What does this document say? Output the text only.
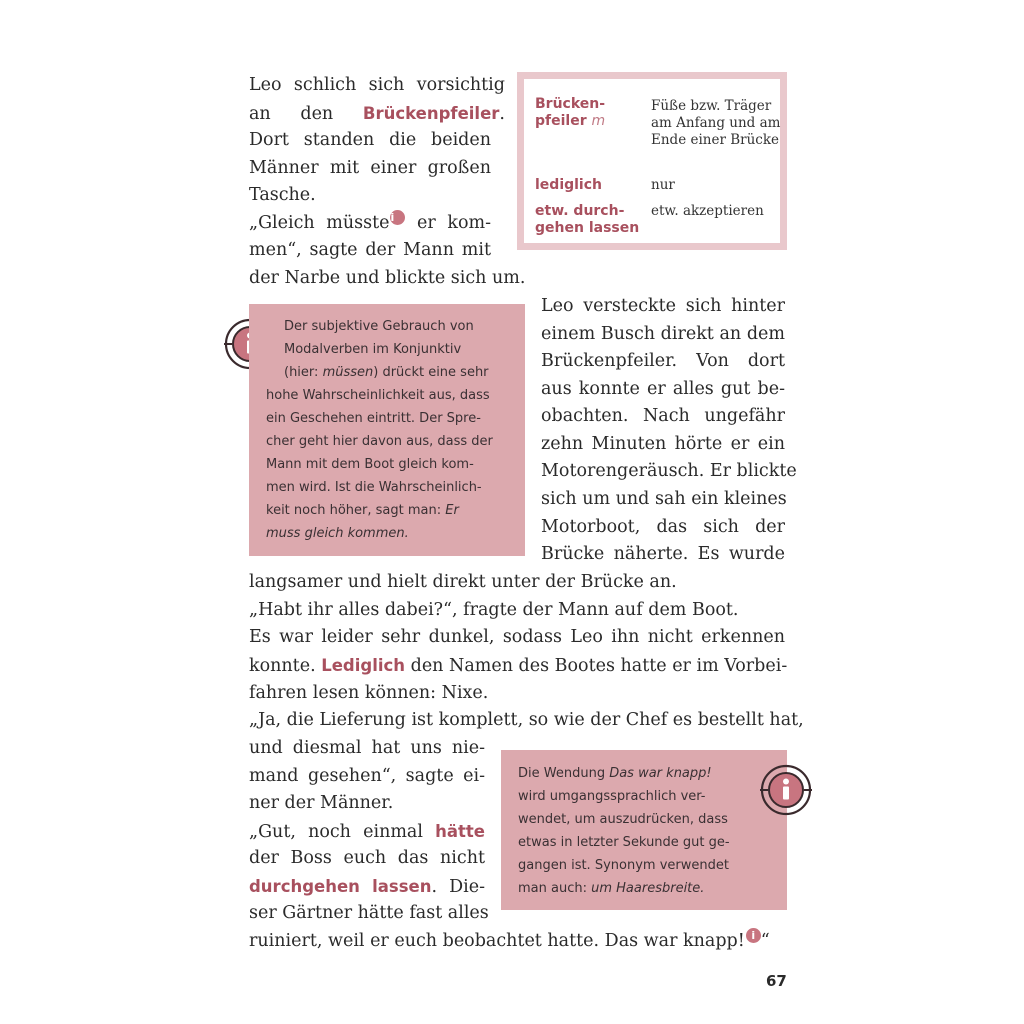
Brücken-
pfeiler m
Füße bzw. Träger am Anfang und am Ende einer Brücke
lediglich	nur
etw. durch-
gehen lassen
etw. akzeptieren
Leo schlich sich vorsichtig
an den Brückenpfeiler.
Dort standen die beiden
Männer mit einer großen
Tasche.
„Gleich müsstei er kom-
men“, sagte der Mann mit
der Narbe und blickte sich um.
Der subjektive Gebrauch von
Modalverben im Konjunktiv
(hier: müssen) drückt eine sehr
hohe Wahrscheinlichkeit aus, dass
ein Geschehen eintritt. Der Spre-
cher geht hier davon aus, dass der
Mann mit dem Boot gleich kom-
men wird. Ist die Wahrscheinlich-
keit noch höher, sagt man: Er
muss gleich kommen.
Leo versteckte sich hinter
einem Busch direkt an dem
Brückenpfeiler. Von dort
aus konnte er alles gut be-
obachten. Nach ungefähr
zehn Minuten hörte er ein
Motorengeräusch. Er blickte
sich um und sah ein kleines
Motorboot, das sich der
Brücke näherte. Es wurde
langsamer und hielt direkt unter der Brücke an.
„Habt ihr alles dabei?“, fragte der Mann auf dem Boot.
Es war leider sehr dunkel, sodass Leo ihn nicht erkennen
konnte. Lediglich den Namen des Bootes hatte er im Vorbei-
fahren lesen können: Nixe.
„Ja, die Lieferung ist komplett, so wie der Chef es bestellt hat,
und diesmal hat uns nie-
mand gesehen“, sagte ei-
ner der Männer.
„Gut, noch einmal hätte
der Boss euch das nicht
durchgehen lassen. Die-
ser Gärtner hätte fast alles
ruiniert, weil er euch beobachtet hatte. Das war knapp! i “
Die Wendung Das war knapp!
wird umgangssprachlich ver-
wendet, um auszudrücken, dass
etwas in letzter Sekunde gut ge-
gangen ist. Synonym verwendet
man auch: um Haaresbreite.
67
